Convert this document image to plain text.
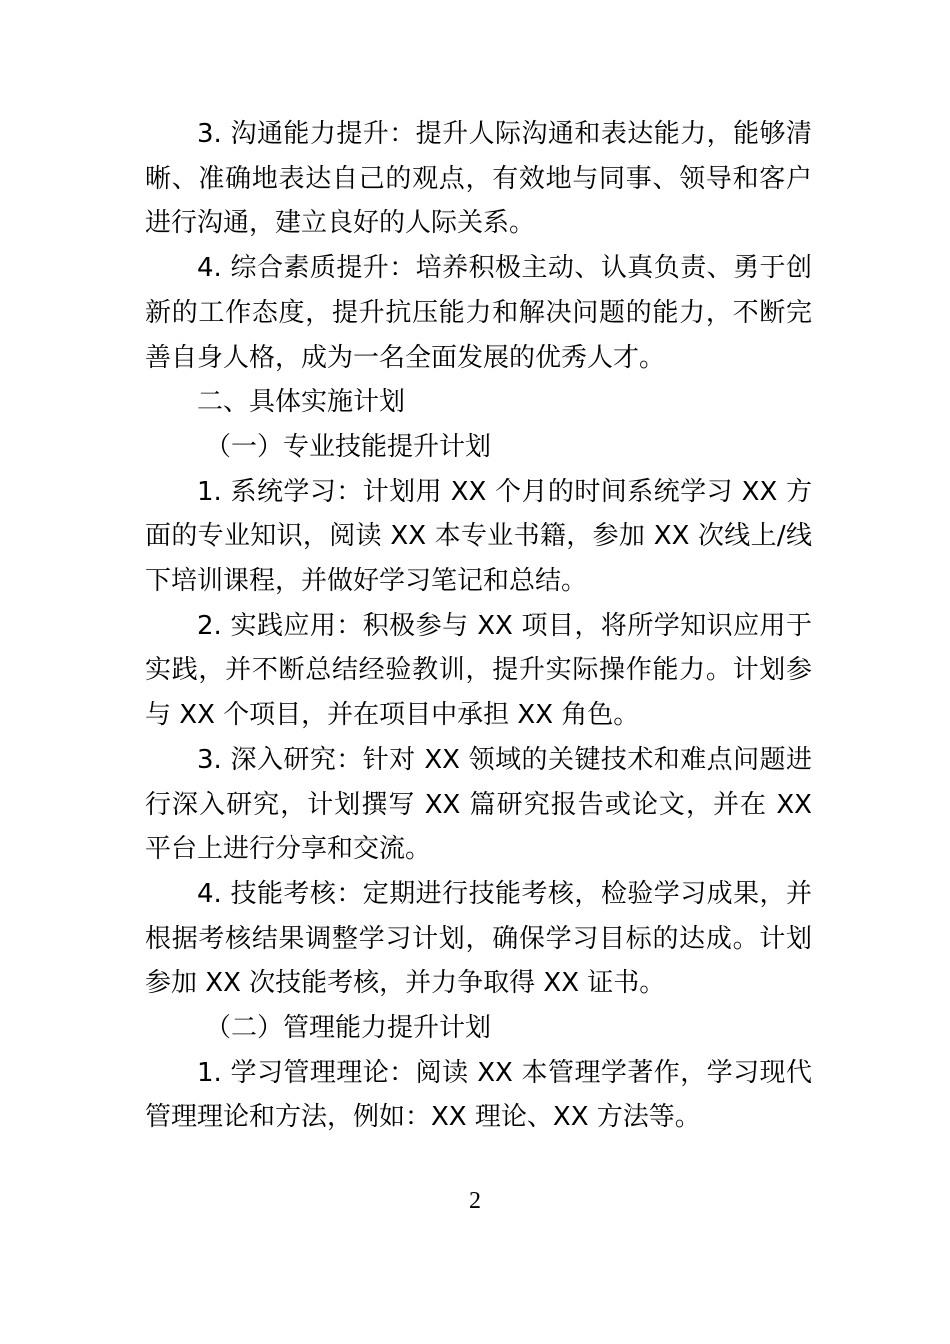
3. 沟通能力提升：提升人际沟通和表达能力，能够清晰、准确地表达自己的观点，有效地与同事、领导和客户进行沟通，建立良好的人际关系。

4. 综合素质提升：培养积极主动、认真负责、勇于创新的工作态度，提升抗压能力和解决问题的能力，不断完善自身人格，成为一名全面发展的优秀人才。

二、具体实施计划

（一）专业技能提升计划

1. 系统学习：计划用 XX 个月的时间系统学习 XX 方面的专业知识，阅读 XX 本专业书籍，参加 XX 次线上/线下培训课程，并做好学习笔记和总结。

2. 实践应用：积极参与 XX 项目，将所学知识应用于实践，并不断总结经验教训，提升实际操作能力。计划参与 XX 个项目，并在项目中承担 XX 角色。

3. 深入研究：针对 XX 领域的关键技术和难点问题进行深入研究，计划撰写 XX 篇研究报告或论文，并在 XX 平台上进行分享和交流。

4. 技能考核：定期进行技能考核，检验学习成果，并根据考核结果调整学习计划，确保学习目标的达成。计划参加 XX 次技能考核，并力争取得 XX 证书。

（二）管理能力提升计划

1. 学习管理理论：阅读 XX 本管理学著作，学习现代管理理论和方法，例如：XX 理论、XX 方法等。

2
